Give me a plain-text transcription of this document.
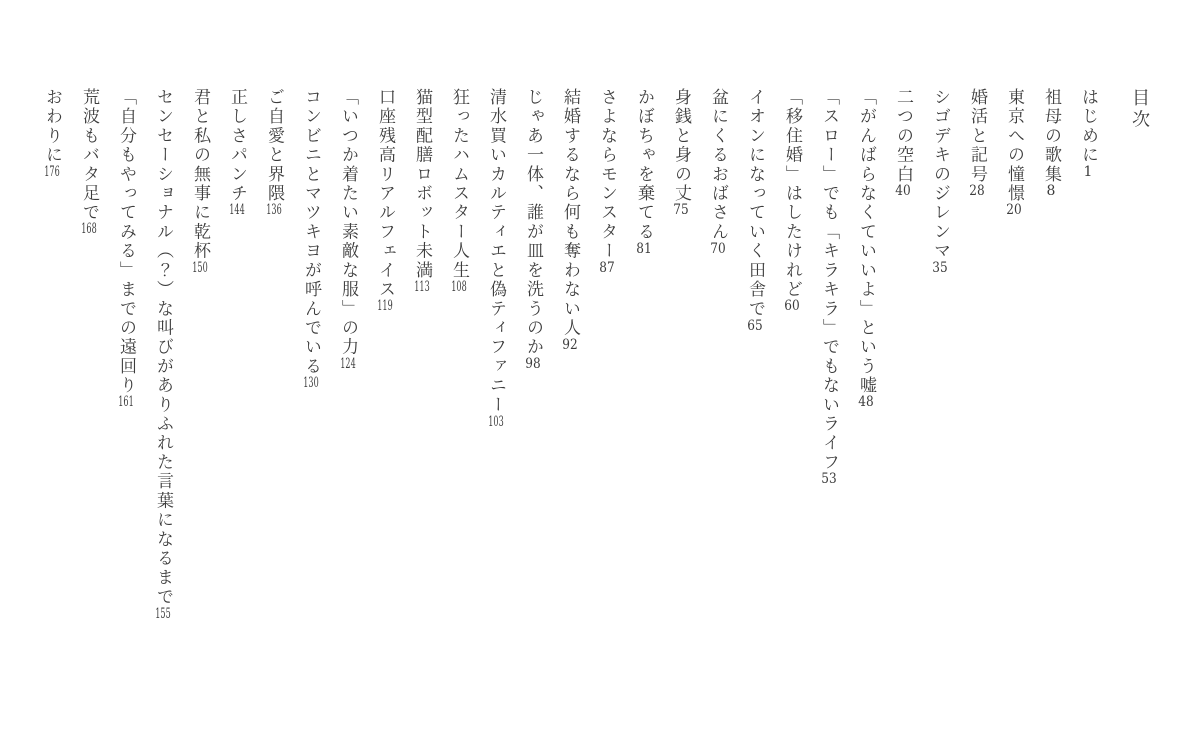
目次
はじめに1
祖母の歌集8
東京への憧憬20
婚活と記号28
シゴデキのジレンマ35
二つの空白40
「がんばらなくていいよ」という嘘48
「スロー」でも「キラキラ」でもないライフ53
「移住婚」はしたけれど60
イオンになっていく田舎で65
盆にくるおばさん70
身銭と身の丈75
かぼちゃを棄てる81
さよならモンスター87
結婚するなら何も奪わない人92
じゃあ一体、誰が皿を洗うのか98
清水買いカルティエと偽ティファニー103
狂ったハムスター人生108
猫型配膳ロボット未満113
口座残高リアルフェイス119
「いつか着たい素敵な服」の力124
コンビニとマツキヨが呼んでいる130
ご自愛と界隈136
正しさパンチ144
君と私の無事に乾杯150
センセーショナル（？）な叫びがありふれた言葉になるまで155
「自分もやってみる」までの遠回り161
荒波もバタ足で168
おわりに176
